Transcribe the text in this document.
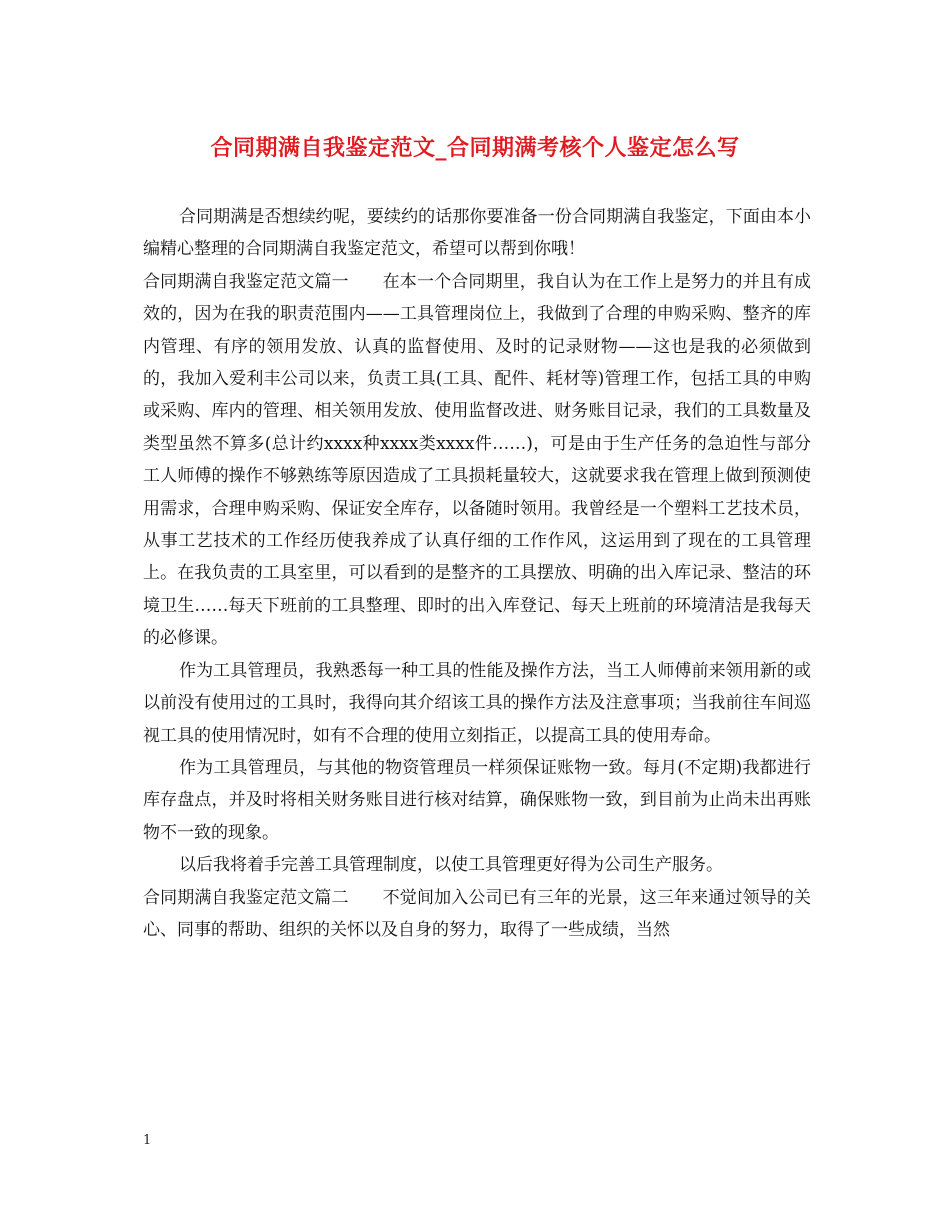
合同期满自我鉴定范文_合同期满考核个人鉴定怎么写

合同期满是否想续约呢，要续约的话那你要准备一份合同期满自我鉴定，下面由本小编精心整理的合同期满自我鉴定范文，希望可以帮到你哦！

合同期满自我鉴定范文篇一 在本一个合同期里，我自认为在工作上是努力的并且有成效的，因为在我的职责范围内——工具管理岗位上，我做到了合理的申购采购、整齐的库内管理、有序的领用发放、认真的监督使用、及时的记录财物——这也是我的必须做到的，我加入爱利丰公司以来，负责工具(工具、配件、耗材等)管理工作，包括工具的申购或采购、库内的管理、相关领用发放、使用监督改进、财务账目记录，我们的工具数量及类型虽然不算多(总计约xxxx种xxxx类xxxx件……)，可是由于生产任务的急迫性与部分工人师傅的操作不够熟练等原因造成了工具损耗量较大，这就要求我在管理上做到预测使用需求，合理申购采购、保证安全库存，以备随时领用。我曾经是一个塑料工艺技术员，从事工艺技术的工作经历使我养成了认真仔细的工作作风，这运用到了现在的工具管理上。在我负责的工具室里，可以看到的是整齐的工具摆放、明确的出入库记录、整洁的环境卫生……每天下班前的工具整理、即时的出入库登记、每天上班前的环境清洁是我每天的必修课。

作为工具管理员，我熟悉每一种工具的性能及操作方法，当工人师傅前来领用新的或以前没有使用过的工具时，我得向其介绍该工具的操作方法及注意事项；当我前往车间巡视工具的使用情况时，如有不合理的使用立刻指正，以提高工具的使用寿命。

作为工具管理员，与其他的物资管理员一样须保证账物一致。每月(不定期)我都进行库存盘点，并及时将相关财务账目进行核对结算，确保账物一致，到目前为止尚未出再账物不一致的现象。

以后我将着手完善工具管理制度，以使工具管理更好得为公司生产服务。

合同期满自我鉴定范文篇二 不觉间加入公司已有三年的光景，这三年来通过领导的关心、同事的帮助、组织的关怀以及自身的努力，取得了一些成绩，当然

1
